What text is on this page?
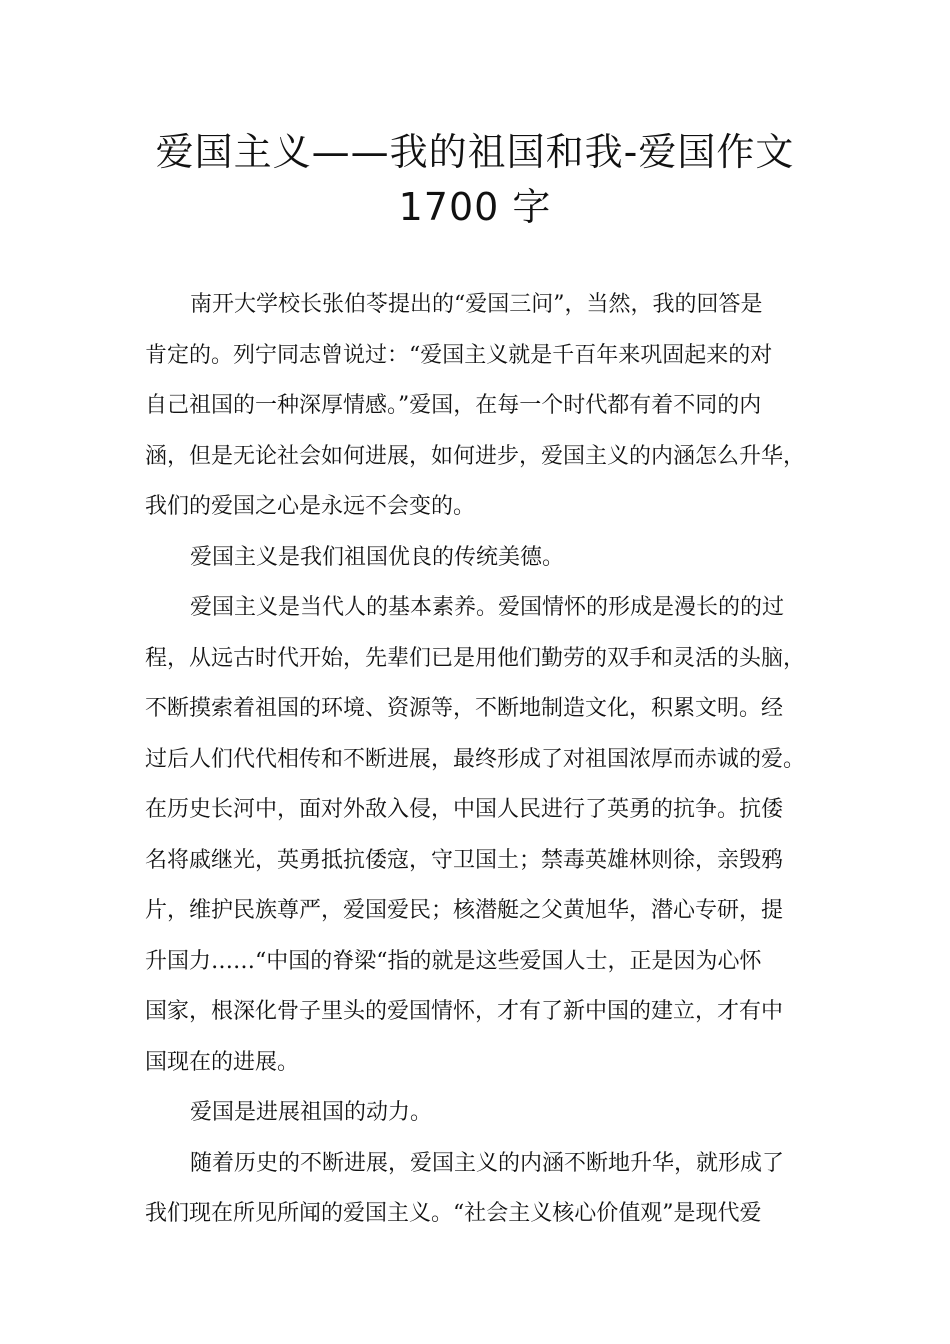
爱国主义——我的祖国和我-爱国作文
1700 字
南开大学校长张伯苓提出的“爱国三问”，当然，我的回答是
肯定的。列宁同志曾说过：“爱国主义就是千百年来巩固起来的对
自己祖国的一种深厚情感。”爱国，在每一个时代都有着不同的内
涵，但是无论社会如何进展，如何进步，爱国主义的内涵怎么升华，
我们的爱国之心是永远不会变的。
爱国主义是我们祖国优良的传统美德。
爱国主义是当代人的基本素养。爱国情怀的形成是漫长的的过
程，从远古时代开始，先辈们已是用他们勤劳的双手和灵活的头脑，
不断摸索着祖国的环境、资源等，不断地制造文化，积累文明。经
过后人们代代相传和不断进展，最终形成了对祖国浓厚而赤诚的爱。
在历史长河中，面对外敌入侵，中国人民进行了英勇的抗争。抗倭
名将戚继光，英勇抵抗倭寇，守卫国土；禁毒英雄林则徐，亲毁鸦
片，维护民族尊严，爱国爱民；核潜艇之父黄旭华，潜心专研，提
升国力……“中国的脊梁“指的就是这些爱国人士，正是因为心怀
国家，根深化骨子里头的爱国情怀，才有了新中国的建立，才有中
国现在的进展。
爱国是进展祖国的动力。
随着历史的不断进展，爱国主义的内涵不断地升华，就形成了
我们现在所见所闻的爱国主义。“社会主义核心价值观”是现代爱
